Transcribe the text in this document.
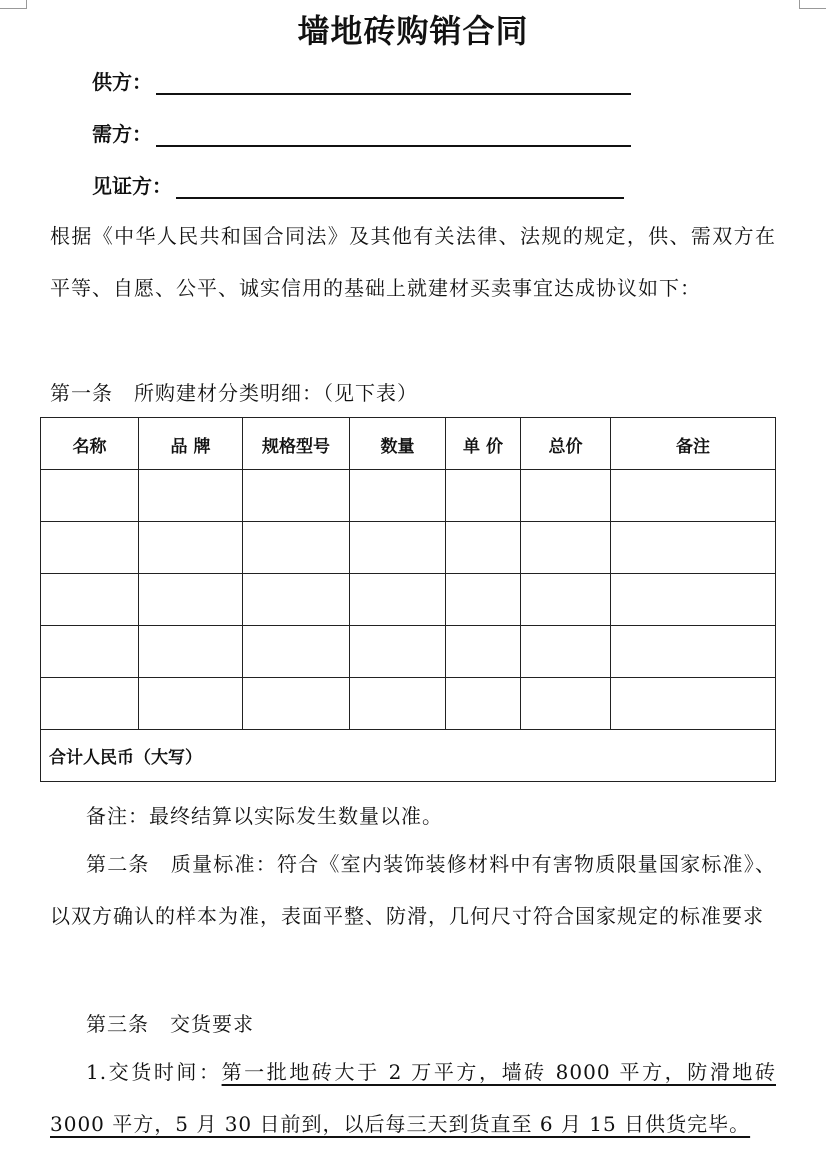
墙地砖购销合同
供方：
需方：
见证方：
根据《中华人民共和国合同法》及其他有关法律、法规的规定，供、需双方在平等、自愿、公平、诚实信用的基础上就建材买卖事宜达成协议如下：
第一条　所购建材分类明细：（见下表）
名称	品 牌	规格型号	数量	单 价	总价	备注

合计人民币（大写）						
备注：最终结算以实际发生数量以准。
第二条　质量标准：符合《室内装饰装修材料中有害物质限量国家标准》、以双方确认的样本为准，表面平整、防滑，几何尺寸符合国家规定的标准要求
第三条　交货要求
1.交货时间：第一批地砖大于 2 万平方，墙砖 8000 平方，防滑地砖3000 平方，5 月 30 日前到，以后每三天到货直至 6 月 15 日供货完毕。
